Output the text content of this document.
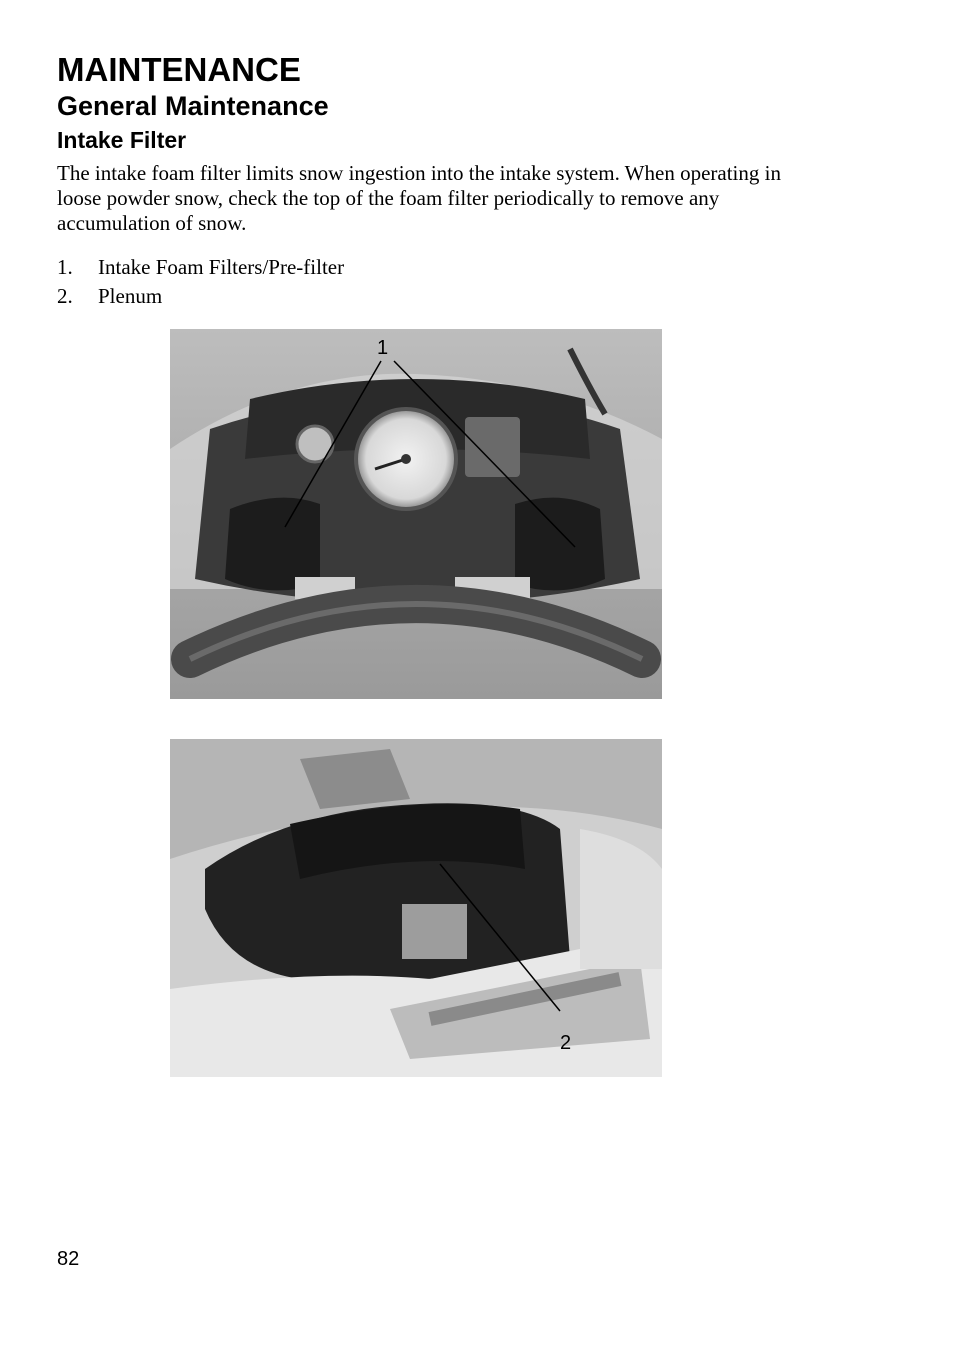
MAINTENANCE
General Maintenance
Intake Filter

The intake foam filter limits snow ingestion into the intake system. When operating in loose powder snow, check the top of the foam filter periodically to remove any accumulation of snow.

1.	Intake Foam Filters/Pre-filter
2.	Plenum
1
2
82
